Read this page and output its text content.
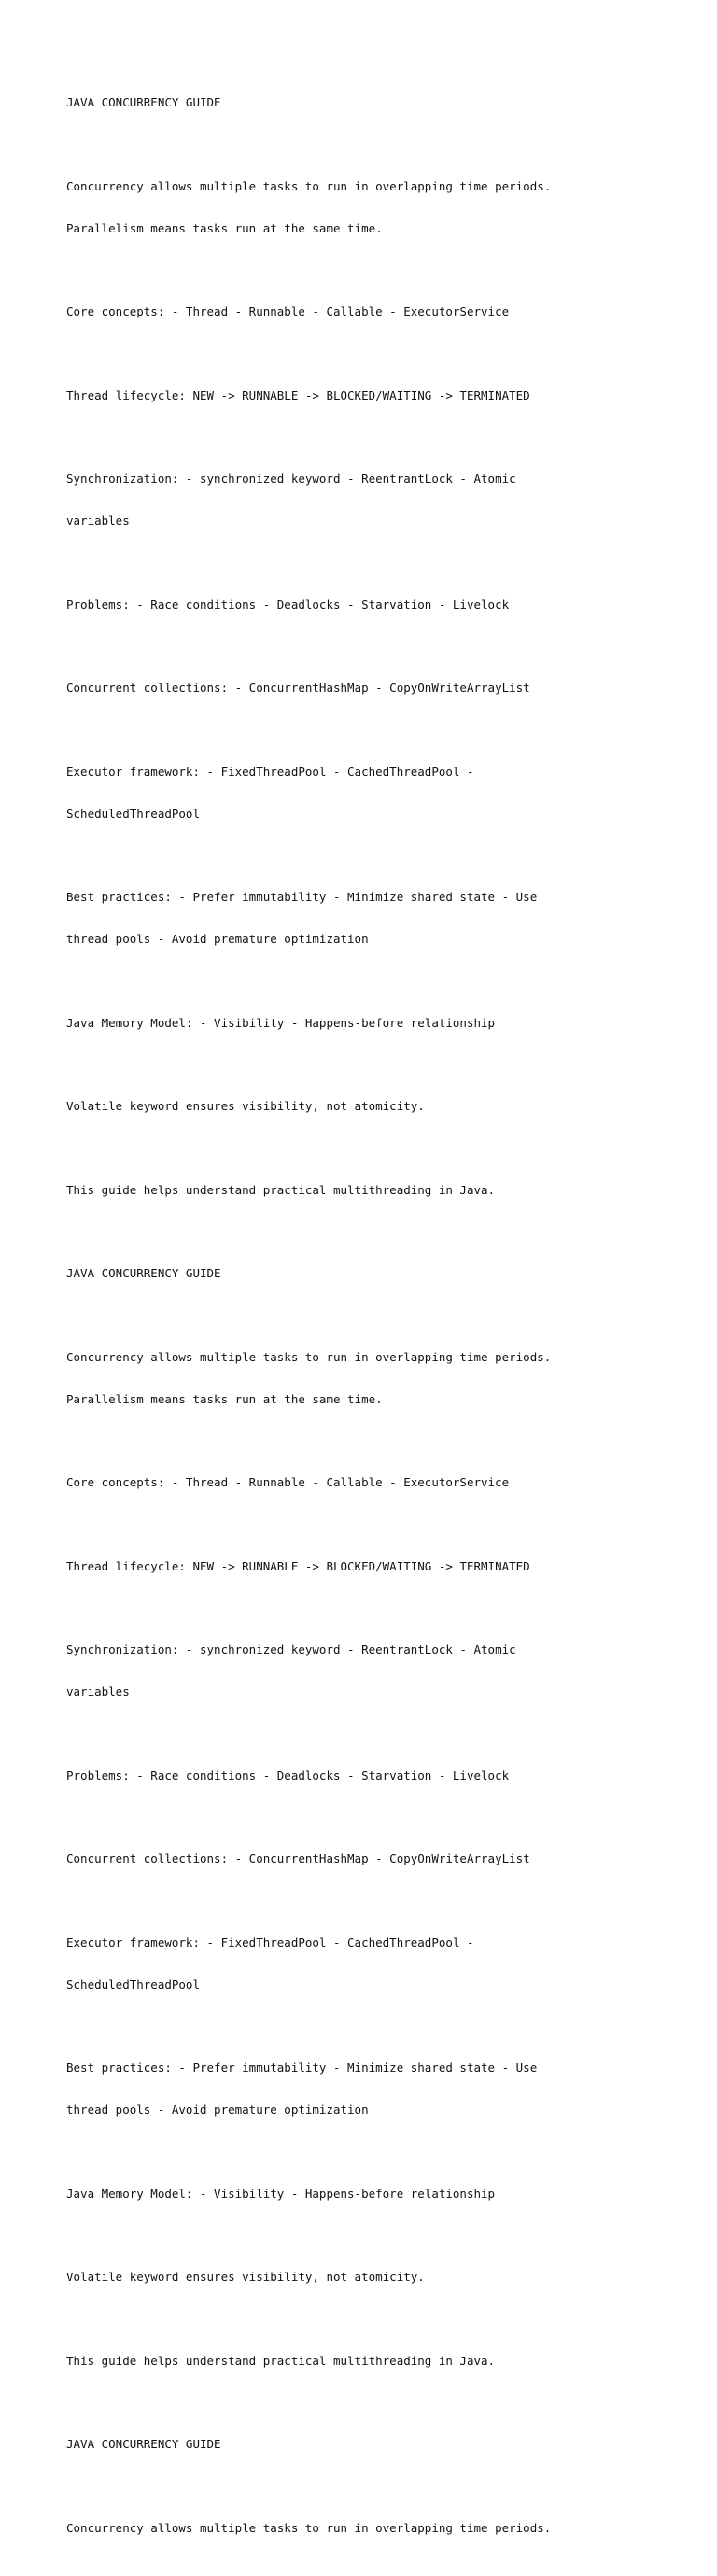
JAVA CONCURRENCY GUIDE

Concurrency allows multiple tasks to run in overlapping time periods.

Parallelism means tasks run at the same time.

Core concepts: - Thread - Runnable - Callable - ExecutorService

Thread lifecycle: NEW -> RUNNABLE -> BLOCKED/WAITING -> TERMINATED

Synchronization: - synchronized keyword - ReentrantLock - Atomic

variables

Problems: - Race conditions - Deadlocks - Starvation - Livelock

Concurrent collections: - ConcurrentHashMap - CopyOnWriteArrayList

Executor framework: - FixedThreadPool - CachedThreadPool -

ScheduledThreadPool

Best practices: - Prefer immutability - Minimize shared state - Use

thread pools - Avoid premature optimization

Java Memory Model: - Visibility - Happens-before relationship

Volatile keyword ensures visibility, not atomicity.

This guide helps understand practical multithreading in Java.

JAVA CONCURRENCY GUIDE

Concurrency allows multiple tasks to run in overlapping time periods.

Parallelism means tasks run at the same time.

Core concepts: - Thread - Runnable - Callable - ExecutorService

Thread lifecycle: NEW -> RUNNABLE -> BLOCKED/WAITING -> TERMINATED

Synchronization: - synchronized keyword - ReentrantLock - Atomic

variables

Problems: - Race conditions - Deadlocks - Starvation - Livelock

Concurrent collections: - ConcurrentHashMap - CopyOnWriteArrayList

Executor framework: - FixedThreadPool - CachedThreadPool -

ScheduledThreadPool

Best practices: - Prefer immutability - Minimize shared state - Use

thread pools - Avoid premature optimization

Java Memory Model: - Visibility - Happens-before relationship

Volatile keyword ensures visibility, not atomicity.

This guide helps understand practical multithreading in Java.

JAVA CONCURRENCY GUIDE

Concurrency allows multiple tasks to run in overlapping time periods.
